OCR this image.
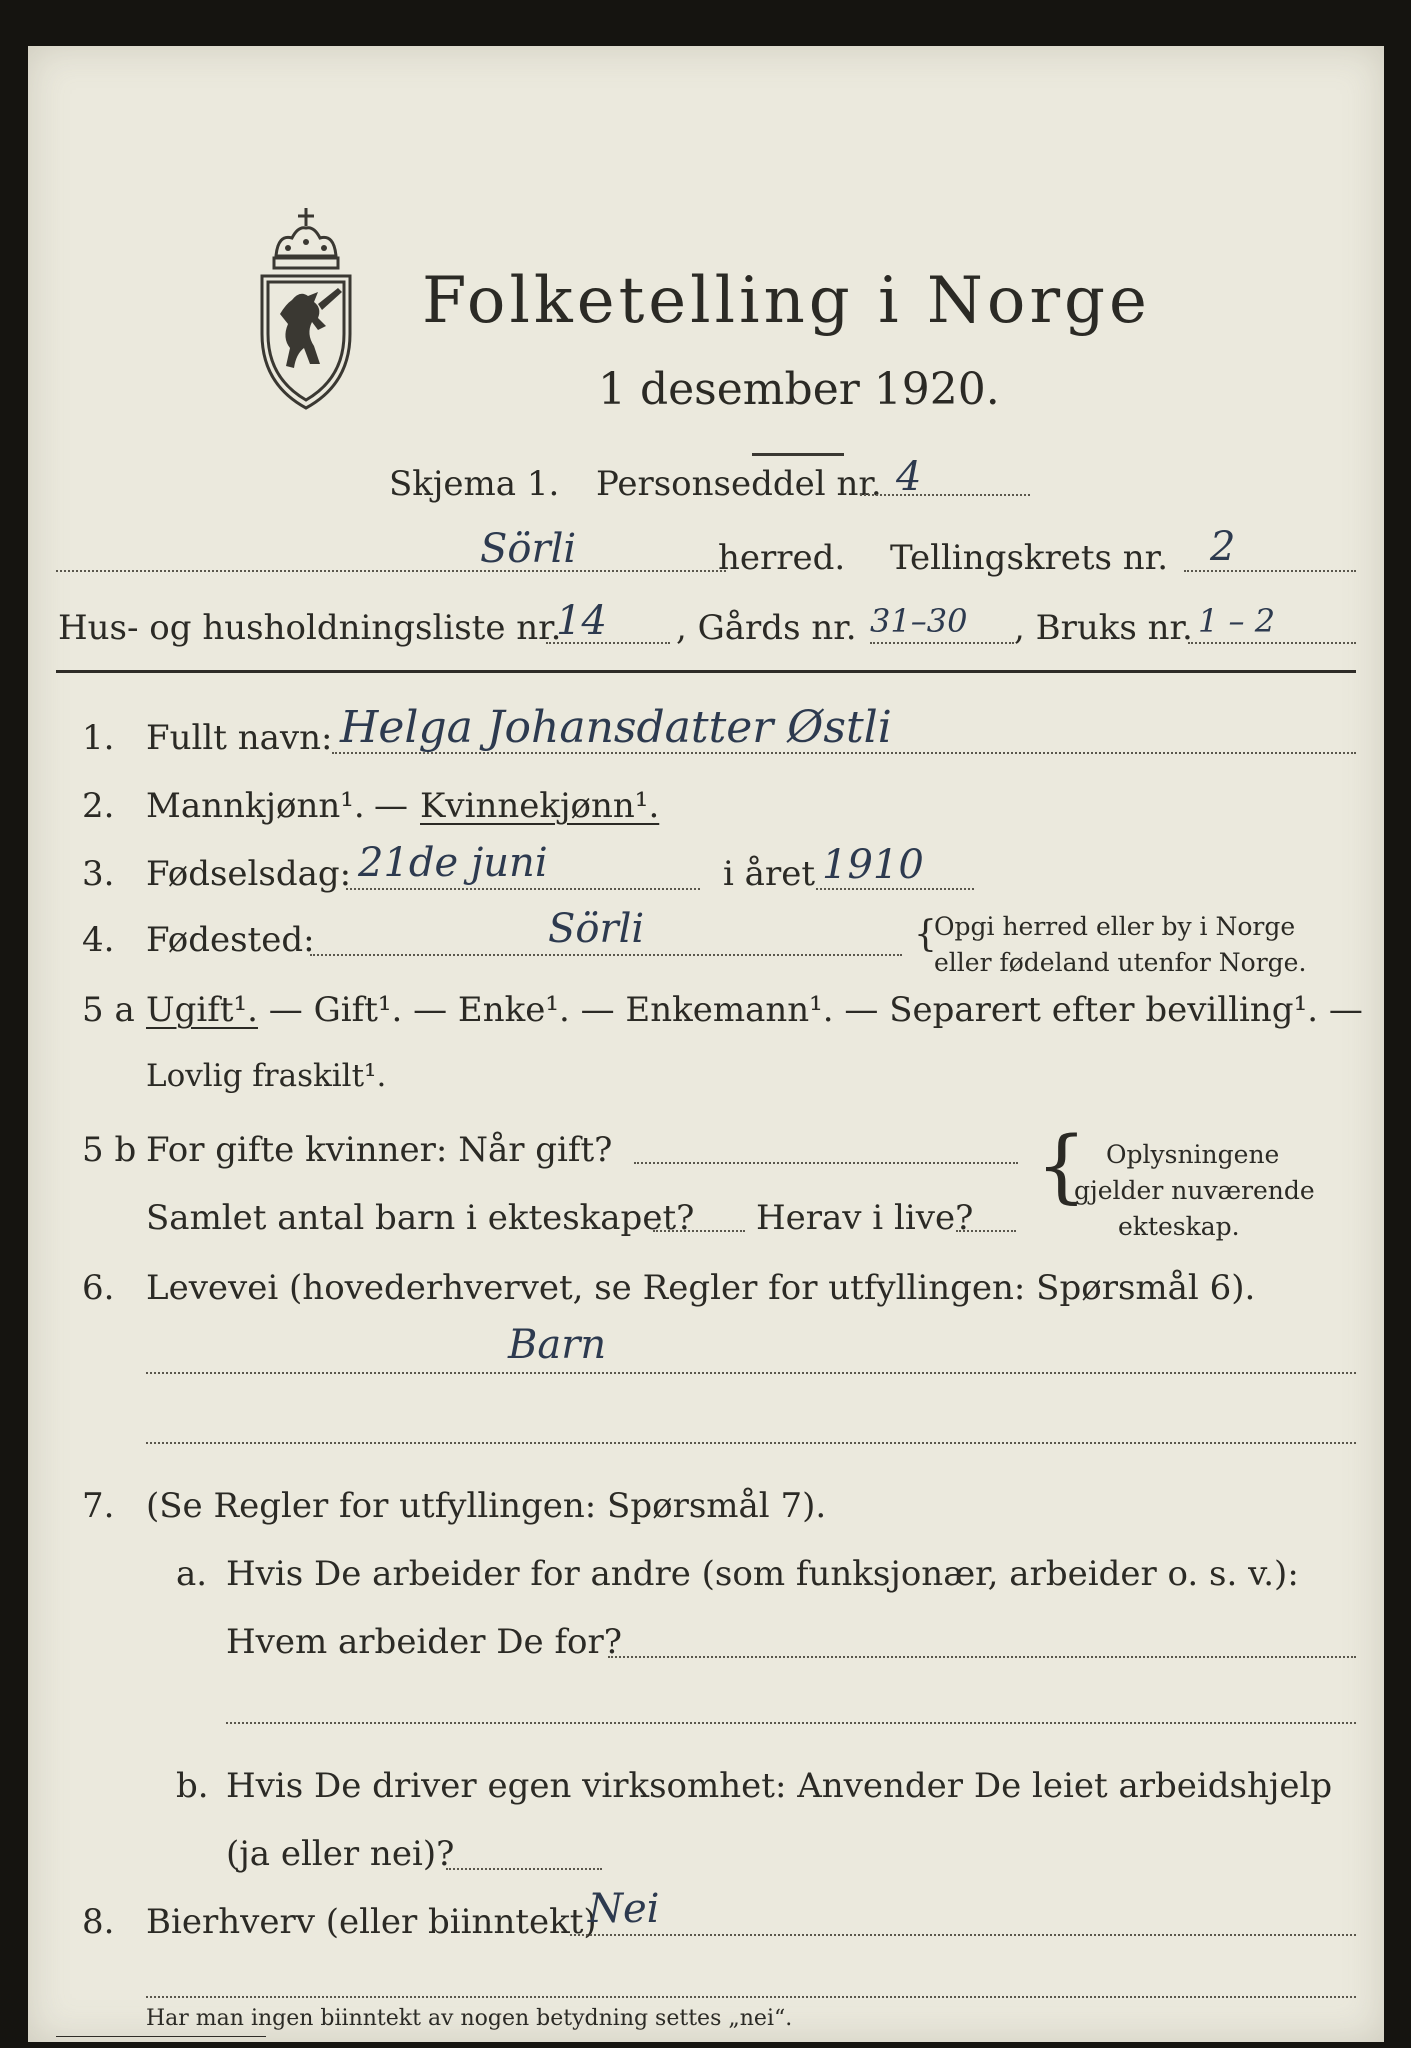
Folketelling i Norge
1 desember 1920.
Skjema 1. Personseddel nr. 4
Sörli	herred. Tellingskrets nr. 2
Hus- og husholdningsliste nr.
14 , Gårds nr. 31–30 , Bruks nr. 1 – 2
1. Fullt navn: Helga Johansdatter Østli
2. Mannkjønn¹. — Kvinnekjønn¹.
3. Fødselsdag: 21de juni	i året 1910
4. Fødested:	Sörli	{
Opgi herred eller by i Norge
eller fødeland utenfor Norge.
5 a Ugift¹. — Gift¹. — Enke¹. — Enkemann¹. — Separert efter bevilling¹. —
Lovlig fraskilt¹.
5 b For gifte kvinner: Når gift?
Samlet antal barn i ekteskapet? Herav i live?
{ Oplysningene
gjelder nuværende
ekteskap.
6. Levevei (hovederhvervet, se Regler for utfyllingen: Spørsmål 6).
Barn
7. (Se Regler for utfyllingen: Spørsmål 7).
a. Hvis De arbeider for andre (som funksjonær, arbeider o. s. v.):
Hvem arbeider De for?
b. Hvis De driver egen virksomhet: Anvender De leiet arbeidshjelp
(ja eller nei)?
8. Bierhverv (eller biinntekt)
Nei
Har man ingen biinntekt av nogen betydning settes „nei“.
